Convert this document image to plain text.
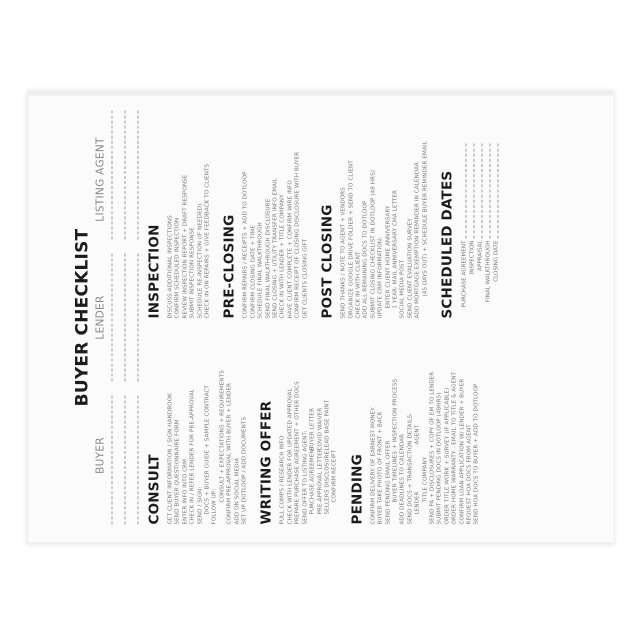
BUYER CHECKLIST
BUYER
LENDER
LISTING AGENT
CONSULT GET CLIENT INFORMATION / SIGN HANDBOOK SEND BUYER QUESTIONNAIRE FORM ENTER INFO INTO CRM CHECK IN / REFER LENDER FOR PRE-APPROVAL SEND / SIGN: DOCS + BUYER GUIDE + SAMPLE CONTRACT FOLLOW UP:
CONSULT + EXPECTATIONS + REQUIREMENTS CONFIRM PRE-APPROVAL WITH BUYER + LENDER ADD ON SOCIAL MEDIA SET UP DOTLOOP / ADD DOCUMENTS WRITING OFFER PULL COMPS / RESEARCH INFO CHECK WITH LENDER FOR UPDATED APPROVAL PREPARE PURCHASE AGREEMENT + OTHER DOCS SEND OFFER TO LISTING AGENT: PURCHASE AGREEMENT
BUYER LETTER
PRE-APPROVAL LETTER
COVID WAIVER
SELLERS DISCLOSURE
LEAD BASE PAINT
CONFIRM RECEIPT PENDING CONFIRM DELIVERY OF EARNEST MONEY BUYER TAKE PHOTO OF FRONT + BACK SEND PENDING EMAIL OFFER BUYER TIMELINES + INSPECTION PROCESS ADD DEADLINES TO CALENDAR SEND DOCS + TRANSACTION DETAILS: LENDER
AGENT
TITLE COMPANY SEND PA + DISCLOSURES + COPY OF EM TO LENDER SUBMIT PENDING DOCS IN DOTLOOP (48HRS) ORDER TITLE WORK + SURVEY (IF APPLICABLE) ORDER HOME WARRANTY - EMAIL TO TITLE & AGENT CONFIRM LOAN APPLICATION W/ LENDER + BUYER REQUEST HOA DOCS FROM AGENT SEND HOA DOCS TO BUYER + ADD TO DOTLOOP
INSPECTION DISCUSS ADDITIONAL INSPECTIONS CONFIRM SCHEDULED INSPECTION REVIEW INSPECTION REPORT + DRAFT RESPONSE SUBMIT INSPECTION RESPONSE SCHEDULE RE-INSPECTION (IF NEEDED) CHECK IN ON REPAIRS + GIVE FEEDBACK TO CLIENTS PRE-CLOSING CONFIRM REPAIRS / RECEIPTS + ADD TO DOTLOOP CONFIRM CLOSING DATE + TIME SCHEDULE FINAL WALKTHROUGH SEND FINAL WALKTHROUGH DISCLOSURE SEND CLOSING + UTILITY TRANSFER INFO EMAIL CHECK IN WITH LENDER + TITLE COMPANY HAVE CLIENT COMPLETE + CONFIRM WIRE INFO CONFIRM RECEIPT OF CLOSING DISCLOSURE WITH BUYER GET CLIENTS CLOSING GIFT POST CLOSING SEND THANKS / NOTE TO AGENT + VENDORS ORGANIZE GOOGLE DRIVE FOLDER + SEND TO CLIENT CHECK IN WITH CLIENT ADD ALL REMAINING DOCS TO DOTLOOP SUBMIT CLOSING CHECKLIST IN DOTLOOP (48 HRS) UPDATE CRM INFORMATION: ENTER CLIENT HOME ANNIVERSARY 1 YEAR: MAIL ANNIVERSARY CMA LETTER SOCIAL MEDIA POST SEND CLIENT EVALUATION SURVEY ADD MORTGAGE EXEMPTION REMINDER IN CALENDAR (45 DAYS OUT) + SCHEDULE BUYER REMINDER EMAIL SCHEDULED DATES PURCHASE AGREEMENT INSPECTION APPRAISAL FINAL WALKTHROUGH CLOSING DATE
